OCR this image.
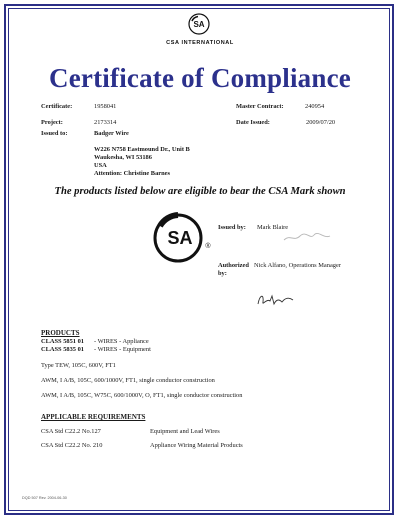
SA
CSA INTERNATIONAL
Certificate of Compliance
Certificate:	1958041	Master Contract:	240954
Project:	2173314	Date Issued:	2009/07/20
Issued to:	Badger Wire
W226 N758 Eastmound Dr., Unit B
Waukesha, WI 53186
USA
Attention: Christine Barnes
The products listed below are eligible to bear the CSA Mark shown
SA ®
Issued by: Mark Blaire
Authorized Nick Alfano, Operations Manager
by:
PRODUCTS
CLASS 5851 01 - WIRES - Appliance
CLASS 5835 01 - WIRES - Equipment
Type TEW, 105C, 600V, FT1
AWM, I A/B, 105C, 600/1000V, FT1, single conductor construction
AWM, I A/B, 105C, W75C, 600/1000V, O, FT1, single conductor construction
APPLICABLE REQUIREMENTS
CSA Std C22.2 No.127	Equipment and Lead Wires
CSA Std C22.2 No. 210	Appliance Wiring Material Products
DQD 507 Rev. 2004-06-30
